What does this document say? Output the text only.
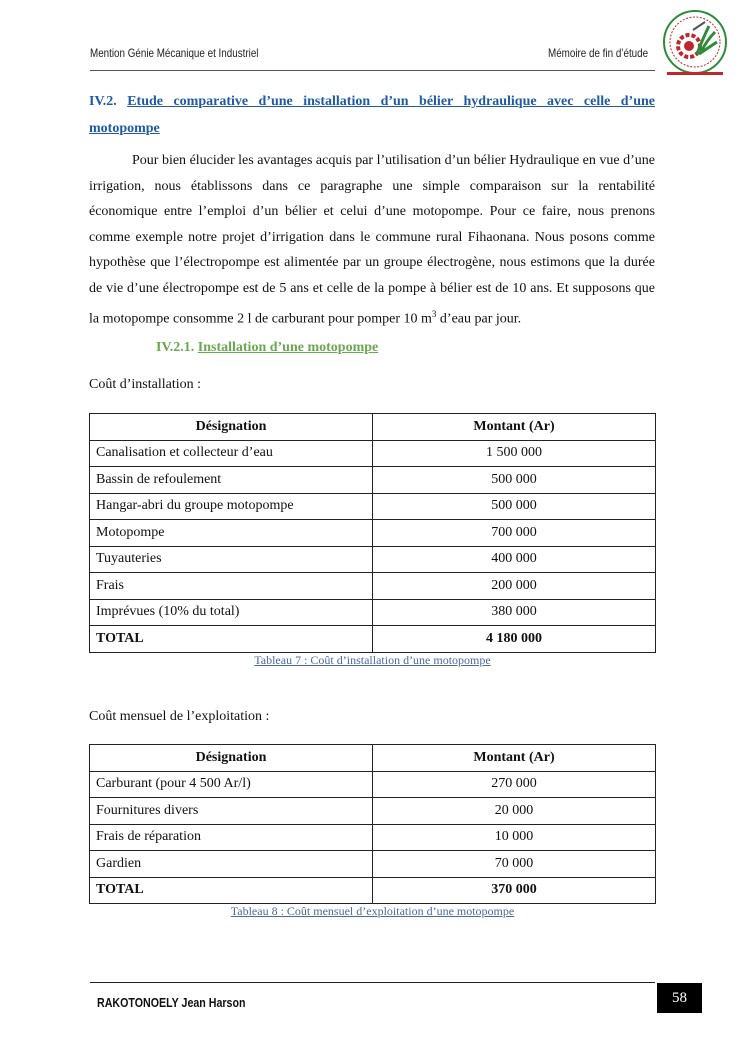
Mention Génie Mécanique et Industriel	Mémoire de fin d’étude
IV.2. Etude comparative d’une installation d’un bélier hydraulique avec celle d’une motopompe

Pour bien élucider les avantages acquis par l’utilisation d’un bélier Hydraulique en vue d’une irrigation, nous établissons dans ce paragraphe une simple comparaison sur la rentabilité économique entre l’emploi d’un bélier et celui d’une motopompe. Pour ce faire, nous prenons comme exemple notre projet d’irrigation dans le commune rural Fihaonana. Nous posons comme hypothèse que l’électropompe est alimentée par un groupe électrogène, nous estimons que la durée de vie d’une électropompe est de 5 ans et celle de la pompe à bélier est de 10 ans. Et supposons que la motopompe consomme 2 l de carburant pour pomper 10 $m^3$ d’eau par jour.

IV.2.1. Installation d’une motopompe
Coût d’installation :
Désignation	Montant (Ar)
Canalisation et collecteur d’eau	1 500 000
Bassin de refoulement	500 000
Hangar-abri du groupe motopompe	500 000
Motopompe	700 000
Tuyauteries	400 000
Frais	200 000
Imprévues (10% du total)	380 000
TOTAL	4 180 000
Tableau 7 : Coût d’installation d’une motopompe
Coût mensuel de l’exploitation :
Désignation	Montant (Ar)
Carburant (pour 4 500 Ar/l)	270 000
Fournitures divers	20 000
Frais de réparation	10 000
Gardien	70 000
TOTAL	370 000
Tableau 8 : Coût mensuel d’exploitation d’une motopompe
RAKOTONOELY Jean Harson	58
